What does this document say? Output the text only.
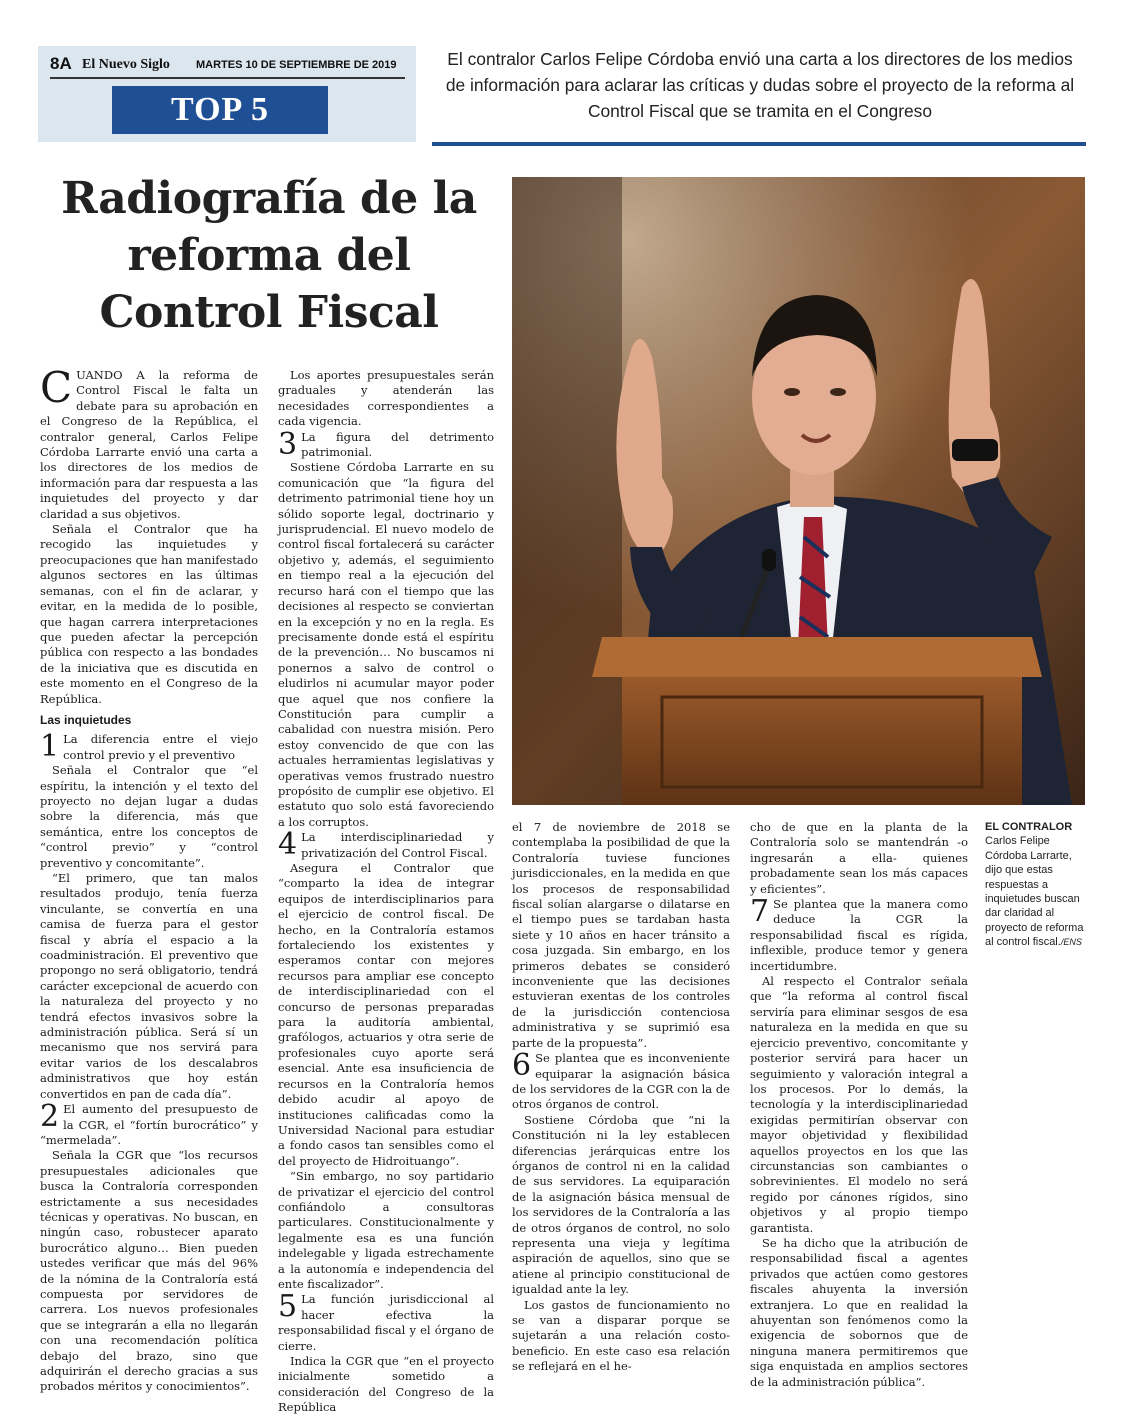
8A El Nuevo Siglo MARTES 10 DE SEPTIEMBRE DE 2019
TOP 5
El contralor Carlos Felipe Córdoba envió una carta a los directores de los medios de información para aclarar las críticas y dudas sobre el proyecto de la reforma al Control Fiscal que se tramita en el Congreso
Radiografía de la reforma del Control Fiscal
EL CONTRALOR
Carlos Felipe Córdoba Larrarte, dijo que estas respuestas a inquietudes buscan dar claridad al proyecto de reforma al control fiscal./ENS

CUANDO A la reforma de Control Fiscal le falta un debate para su aprobación en el Congreso de la República, el contralor general, Carlos Felipe Córdoba Larrarte envió una carta a los directores de los medios de información para dar respuesta a las inquietudes del proyecto y dar claridad a sus objetivos.

Señala el Contralor que ha recogido las inquietudes y preocupaciones que han manifestado algunos sectores en las últimas semanas, con el fin de aclarar, y evitar, en la medida de lo posible, que hagan carrera interpretaciones que pueden afectar la percepción pública con respecto a las bondades de la iniciativa que es discutida en este momento en el Congreso de la República.

Las inquietudes

1 La diferencia entre el viejo control previo y el preventivo

Señala el Contralor que “el espíritu, la intención y el texto del proyecto no dejan lugar a dudas sobre la diferencia, más que semántica, entre los conceptos de “control previo” y “control preventivo y concomitante”.

“El primero, que tan malos resultados produjo, tenía fuerza vinculante, se convertía en una camisa de fuerza para el gestor fiscal y abría el espacio a la coadministración. El preventivo que propongo no será obligatorio, tendrá carácter excepcional de acuerdo con la naturaleza del proyecto y no tendrá efectos invasivos sobre la administración pública. Será sí un mecanismo que nos servirá para evitar varios de los descalabros administrativos que hoy están convertidos en pan de cada día”.

2 El aumento del presupuesto de la CGR, el “fortín burocrático” y “mermelada”.

Señala la CGR que “los recursos presupuestales adicionales que busca la Contraloría corresponden estrictamente a sus necesidades técnicas y operativas. No buscan, en ningún caso, robustecer aparato burocrático alguno… Bien pueden ustedes verificar que más del 96% de la nómina de la Contraloría está compuesta por servidores de carrera. Los nuevos profesionales que se integrarán a ella no llegarán con una recomendación política debajo del brazo, sino que adquirirán el derecho gracias a sus probados méritos y conocimientos”.

Los aportes presupuestales serán graduales y atenderán las necesidades correspondientes a cada vigencia.

3 La figura del detrimento patrimonial.

Sostiene Córdoba Larrarte en su comunicación que “la figura del detrimento patrimonial tiene hoy un sólido soporte legal, doctrinario y jurisprudencial. El nuevo modelo de control fiscal fortalecerá su carácter objetivo y, además, el seguimiento en tiempo real a la ejecución del recurso hará con el tiempo que las decisiones al respecto se conviertan en la excepción y no en la regla. Es precisamente donde está el espíritu de la prevención… No buscamos ni ponernos a salvo de control o eludirlos ni acumular mayor poder que aquel que nos confiere la Constitución para cumplir a cabalidad con nuestra misión. Pero estoy convencido de que con las actuales herramientas legislativas y operativas vemos frustrado nuestro propósito de cumplir ese objetivo. El estatuto quo solo está favoreciendo a los corruptos.

4 La interdisciplinariedad y privatización del Control Fiscal.

Asegura el Contralor que “comparto la idea de integrar equipos de interdisciplinarios para el ejercicio de control fiscal. De hecho, en la Contraloría estamos fortaleciendo los existentes y esperamos contar con mejores recursos para ampliar ese concepto de interdisciplinariedad con el concurso de personas preparadas para la auditoría ambiental, grafólogos, actuarios y otra serie de profesionales cuyo aporte será esencial. Ante esa insuficiencia de recursos en la Contraloría hemos debido acudir al apoyo de instituciones calificadas como la Universidad Nacional para estudiar a fondo casos tan sensibles como el del proyecto de Hidroituango”.

“Sin embargo, no soy partidario de privatizar el ejercicio del control confiándolo a consultoras particulares. Constitucionalmente y legalmente esa es una función indelegable y ligada estrechamente a la autonomía e independencia del ente fiscalizador”.

5 La función jurisdiccional al hacer efectiva la responsabilidad fiscal y el órgano de cierre.

Indica la CGR que “en el proyecto inicialmente sometido a consideración del Congreso de la República

el 7 de noviembre de 2018 se contemplaba la posibilidad de que la Contraloría tuviese funciones jurisdiccionales, en la medida en que los procesos de responsabilidad fiscal solían alargarse o dilatarse en el tiempo pues se tardaban hasta siete y 10 años en hacer tránsito a cosa juzgada. Sin embargo, en los primeros debates se consideró inconveniente que las decisiones estuvieran exentas de los controles de la jurisdicción contenciosa administrativa y se suprimió esa parte de la propuesta”.

6 Se plantea que es inconveniente equiparar la asignación básica de los servidores de la CGR con la de otros órganos de control.

Sostiene Córdoba que “ni la Constitución ni la ley establecen diferencias jerárquicas entre los órganos de control ni en la calidad de sus servidores. La equiparación de la asignación básica mensual de los servidores de la Contraloría a las de otros órganos de control, no solo representa una vieja y legítima aspiración de aquellos, sino que se atiene al principio constitucional de igualdad ante la ley.

Los gastos de funcionamiento no se van a disparar porque se sujetarán a una relación costo-beneficio. En este caso esa relación se reflejará en el he-

cho de que en la planta de la Contraloría solo se mantendrán -o ingresarán a ella- quienes probadamente sean los más capaces y eficientes”.

7 Se plantea que la manera como deduce la CGR la responsabilidad fiscal es rígida, inflexible, produce temor y genera incertidumbre.

Al respecto el Contralor señala que “la reforma al control fiscal serviría para eliminar sesgos de esa naturaleza en la medida en que su ejercicio preventivo, concomitante y posterior servirá para hacer un seguimiento y valoración integral a los procesos. Por lo demás, la tecnología y la interdisciplinariedad exigidas permitirían observar con mayor objetividad y flexibilidad aquellos proyectos en los que las circunstancias son cambiantes o sobrevinientes. El modelo no será regido por cánones rígidos, sino objetivos y al propio tiempo garantista.

Se ha dicho que la atribución de responsabilidad fiscal a agentes privados que actúen como gestores fiscales ahuyenta la inversión extranjera. Lo que en realidad la ahuyentan son fenómenos como la exigencia de sobornos que de ninguna manera permitiremos que siga enquistada en amplios sectores de la administración pública”.
